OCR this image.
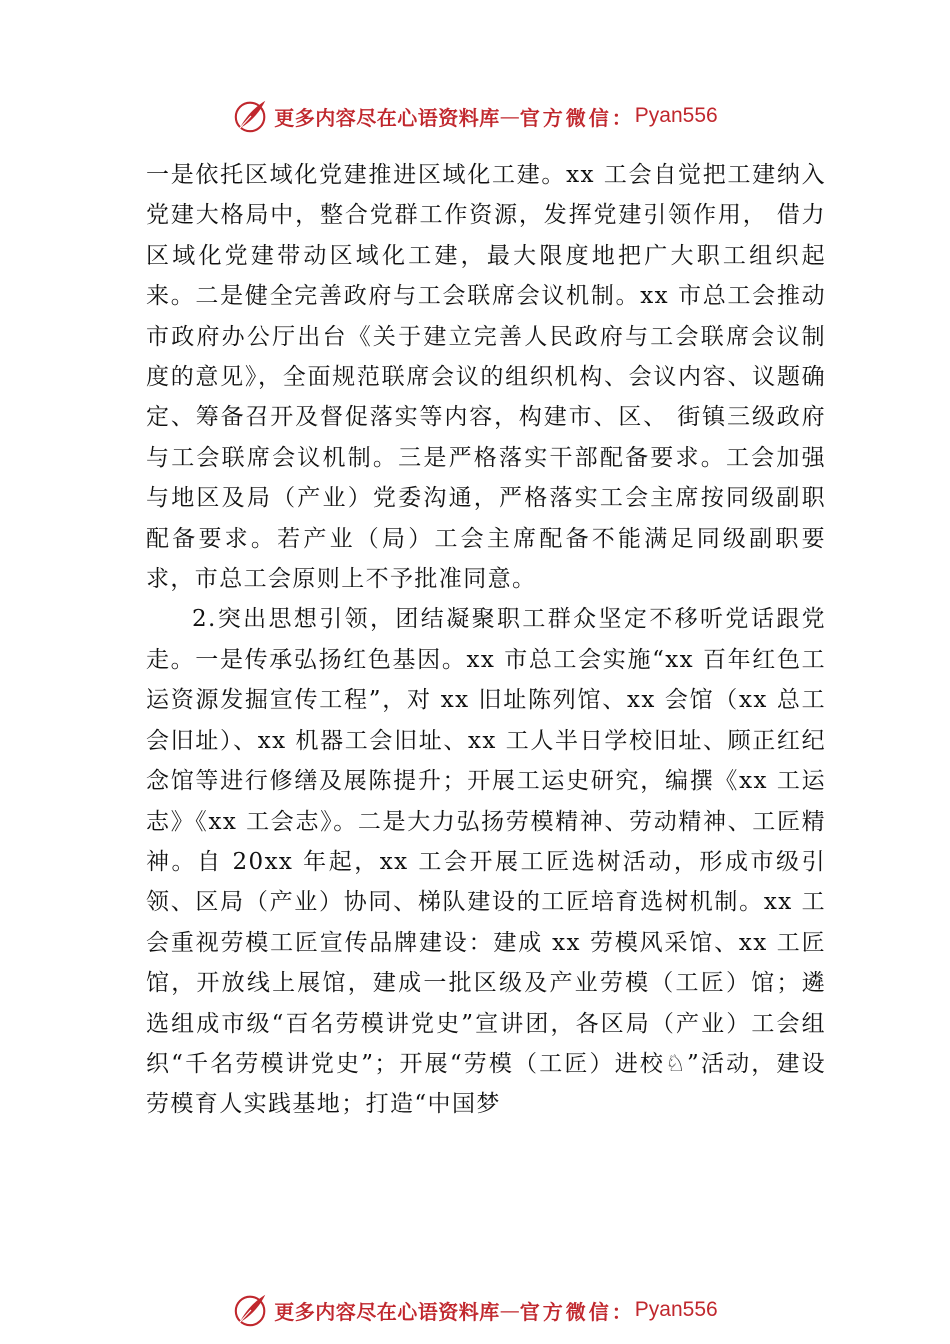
更多内容尽在心语资料库 — 官方微信： Pyan556

一是依托区域化党建推进区域化工建。xx 工会自觉把工建纳入党建大格局中，整合党群工作资源，发挥党建引领作用， 借力区域化党建带动区域化工建，最大限度地把广大职工组织起来。二是健全完善政府与工会联席会议机制。xx 市总工会推动市政府办公厅出台《关于建立完善人民政府与工会联席会议制度的意见》，全面规范联席会议的组织机构、会议内容、议题确定、筹备召开及督促落实等内容，构建市、区、 街镇三级政府与工会联席会议机制。三是严格落实干部配备要求。工会加强与地区及局（产业）党委沟通，严格落实工会主席按同级副职配备要求。若产业（局）工会主席配备不能满足同级副职要求，市总工会原则上不予批准同意。

2.突出思想引领，团结凝聚职工群众坚定不移听党话跟党走。一是传承弘扬红色基因。xx 市总工会实施“xx 百年红色工运资源发掘宣传工程”，对 xx 旧址陈列馆、xx 会馆（xx 总工会旧址）、xx 机器工会旧址、xx 工人半日学校旧址、顾正红纪念馆等进行修缮及展陈提升；开展工运史研究，编撰《xx 工运志》《xx 工会志》。二是大力弘扬劳模精神、劳动精神、工匠精神。自 20xx 年起，xx 工会开展工匠选树活动，形成市级引领、区局（产业）协同、梯队建设的工匠培育选树机制。xx 工会重视劳模工匠宣传品牌建设：建成 xx 劳模风采馆、xx 工匠馆，开放线上展馆，建成一批区级及产业劳模（工匠）馆；遴选组成市级“百名劳模讲党史”宣讲团，各区局（产业）工会组织“千名劳模讲党史”；开展“劳模（工匠）进校♘”活动，建设劳模育人实践基地；打造“中国梦

更多内容尽在心语资料库 — 官方微信： Pyan556
